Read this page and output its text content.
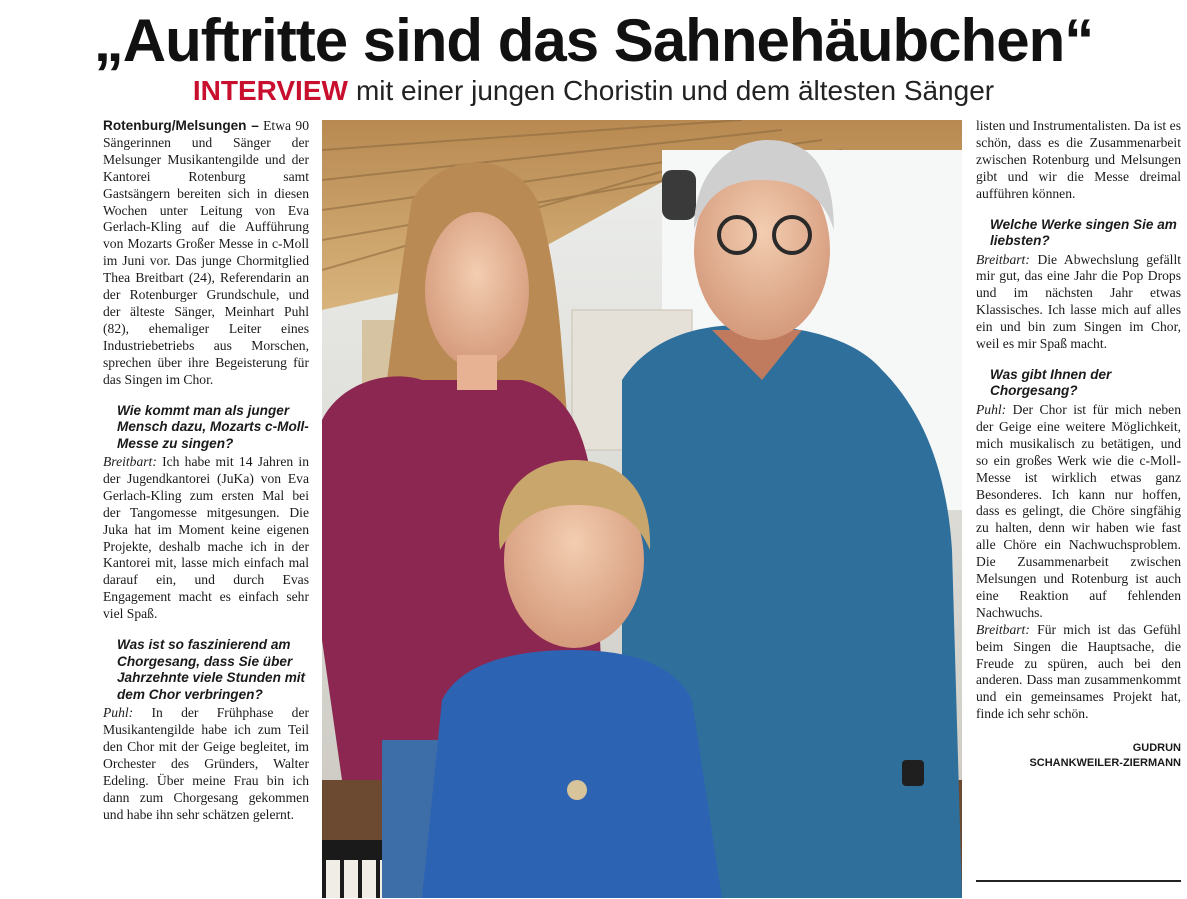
„Auftritte sind das Sahnehäubchen“
INTERVIEW mit einer jungen Choristin und dem ältesten Sänger

Rotenburg/Melsungen – Etwa 90 Sängerinnen und Sänger der Melsunger Musikantengilde und der Kantorei Rotenburg samt Gastsängern bereiten sich in diesen Wochen unter Leitung von Eva Gerlach-Kling auf die Aufführung von Mozarts Großer Messe in c-Moll im Juni vor. Das junge Chormitglied Thea Breitbart (24), Referendarin an der Rotenburger Grundschule, und der älteste Sänger, Meinhart Puhl (82), ehemaliger Leiter eines Industriebetriebs aus Morschen, sprechen über ihre Begeisterung für das Singen im Chor.

Wie kommt man als junger Mensch dazu, Mozarts c-Moll- Messe zu singen?

Breitbart: Ich habe mit 14 Jahren in der Jugendkantorei (JuKa) von Eva Gerlach-Kling zum ersten Mal bei der Tangomesse mitgesungen. Die Juka hat im Moment keine eigenen Projekte, deshalb mache ich in der Kantorei mit, lasse mich einfach mal darauf ein, und durch Evas Engagement macht es einfach sehr viel Spaß.

Was ist so faszinierend am Chorgesang, dass Sie über Jahrzehnte viele Stunden mit dem Chor verbringen?

Puhl: In der Frühphase der Musikantengilde habe ich zum Teil den Chor mit der Geige begleitet, im Orchester des Gründers, Walter Edeling. Über meine Frau bin ich dann zum Chorgesang gekommen und habe ihn sehr schätzen gelernt.

listen und Instrumentalisten. Da ist es schön, dass es die Zusammenarbeit zwischen Rotenburg und Melsungen gibt und wir die Messe dreimal aufführen können.

Welche Werke singen Sie am liebsten?

Breitbart: Die Abwechslung gefällt mir gut, das eine Jahr die Pop Drops und im nächsten Jahr etwas Klassisches. Ich lasse mich auf alles ein und bin zum Singen im Chor, weil es mir Spaß macht.

Was gibt Ihnen der Chorgesang?

Puhl: Der Chor ist für mich neben der Geige eine weitere Möglichkeit, mich musikalisch zu betätigen, und so ein großes Werk wie die c-Moll-Messe ist wirklich etwas ganz Besonderes. Ich kann nur hoffen, dass es gelingt, die Chöre singfähig zu halten, denn wir haben wie fast alle Chöre ein Nachwuchsproblem. Die Zusammenarbeit zwischen Melsungen und Rotenburg ist auch eine Reaktion auf fehlenden Nachwuchs.

Breitbart: Für mich ist das Gefühl beim Singen die Hauptsache, die Freude zu spüren, auch bei den anderen. Dass man zusammenkommt und ein gemeinsames Projekt hat, finde ich sehr schön.

GUDRUN
SCHANKWEILER-ZIERMANN
